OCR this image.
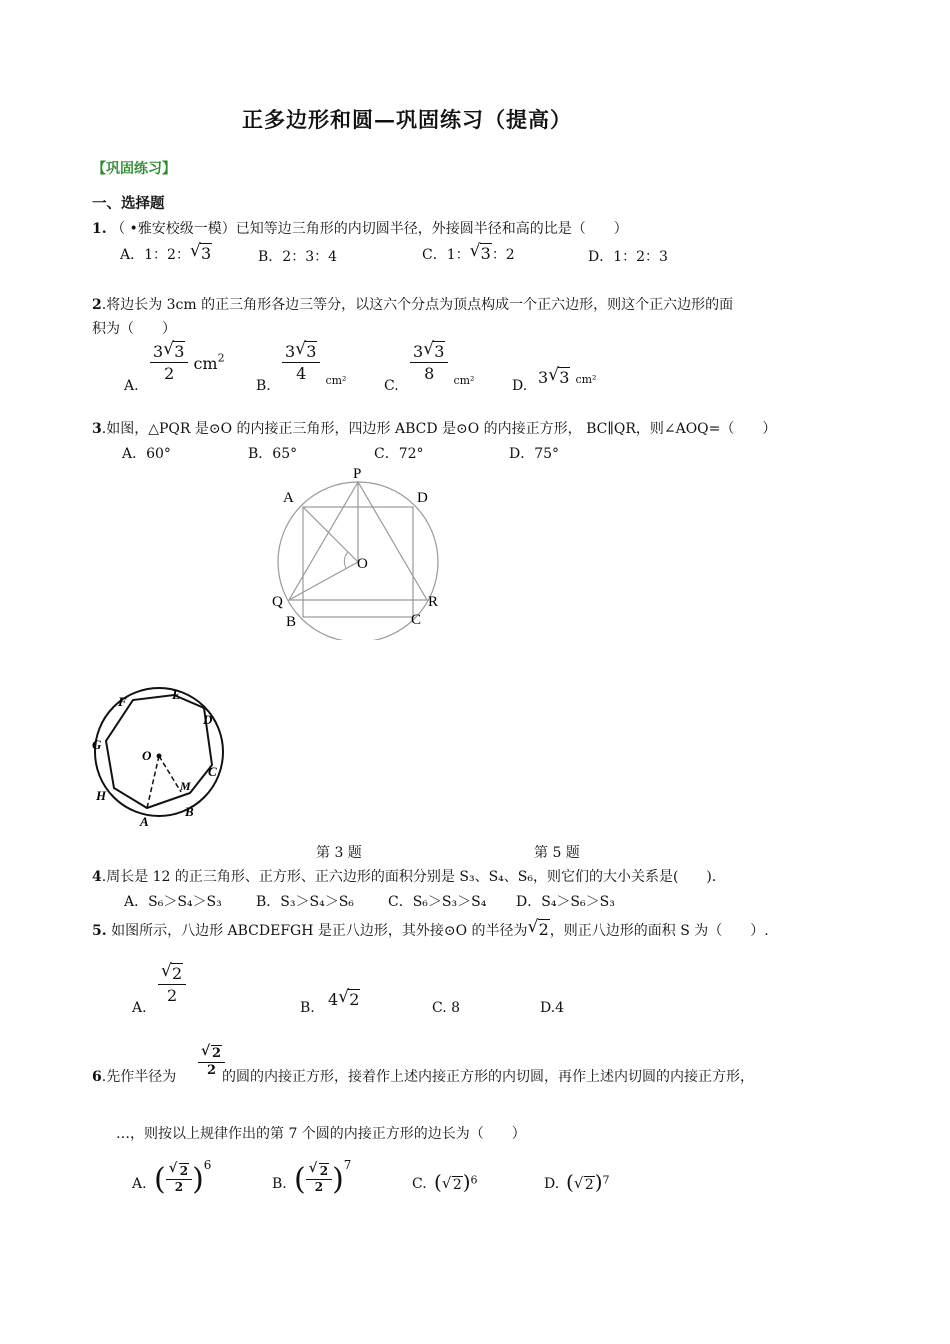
正多边形和圆—巩固练习（提高）
【巩固练习】
一、选择题
1. （ •雅安校级一模）已知等边三角形的内切圆半径，外接圆半径和高的比是（　　）
A．1：2： √ 3	B．2：3：4	C．1： √ 3：2	D．1：2：3
2.将边长为 3cm 的正三角形各边三等分，以这六个分点为顶点构成一个正六边形，则这个正六边形的面
积为（　　）
A.
$\frac{3 √ 3}{2} cm^2$
B.
$\frac{3 √ 3}{4} _{cm^2}$	C.
$\frac{3 √ 3}{8} _{cm^2}$	D. 3 √ 3 cm²
3.如图，△PQR 是⊙O 的内接正三角形，四边形 ABCD 是⊙O 的内接正方形， BC∥QR，则∠AOQ=（　　）
A．60°	B．65°	C．72°	D．75°
P
A	D
O
Q	R
B	C
F	E
D
G
O
C
M
H
B
A
第 3 题	第 5 题
4.周长是 12 的正三角形、正方形、正六边形的面积分别是 S₃、S₄、S₆，则它们的大小关系是(　　)．
A．S₆＞S₄＞S₃ B．S₃＞S₄＞S₆ C．S₆＞S₃＞S₄ D．S₄＞S₆＞S₃
5. 如图所示，八边形 ABCDEFGH 是正八边形，其外接⊙O 的半径为 √ 2，则正八边形的面积 S 为（　　）.
A.
$\frac{√ 2}{2}$
B. 4 √ 2	C. 8	D.4
6.先作半径为 $\frac{√ 2}{2}$
的圆的内接正方形，接着作上述内接正方形的内切圆，再作上述内切圆的内接正方形，
…，则按以上规律作出的第 7 个圆的内接正方形的边长为（　　）
A. ( $\frac{√ 2}{2} )^6$
B. ( $\frac{√ 2}{2} )^7$
C. ( √ 2)$^6$	D. ( √ 2)$^7$
